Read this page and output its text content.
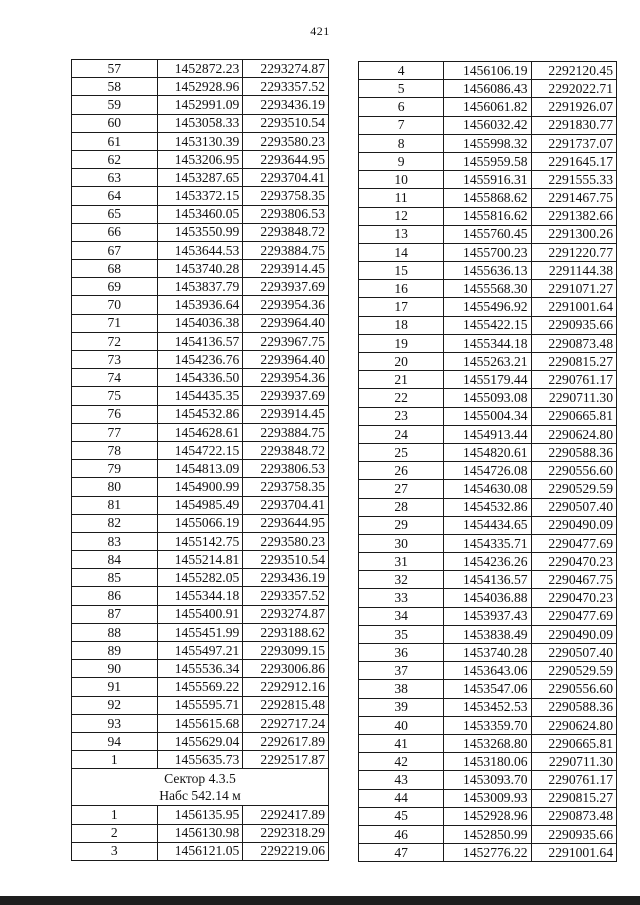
421
57	1452872.23	2293274.87
58	1452928.96	2293357.52
59	1452991.09	2293436.19
60	1453058.33	2293510.54
61	1453130.39	2293580.23
62	1453206.95	2293644.95
63	1453287.65	2293704.41
64	1453372.15	2293758.35
65	1453460.05	2293806.53
66	1453550.99	2293848.72
67	1453644.53	2293884.75
68	1453740.28	2293914.45
69	1453837.79	2293937.69
70	1453936.64	2293954.36
71	1454036.38	2293964.40
72	1454136.57	2293967.75
73	1454236.76	2293964.40
74	1454336.50	2293954.36
75	1454435.35	2293937.69
76	1454532.86	2293914.45
77	1454628.61	2293884.75
78	1454722.15	2293848.72
79	1454813.09	2293806.53
80	1454900.99	2293758.35
81	1454985.49	2293704.41
82	1455066.19	2293644.95
83	1455142.75	2293580.23
84	1455214.81	2293510.54
85	1455282.05	2293436.19
86	1455344.18	2293357.52
87	1455400.91	2293274.87
88	1455451.99	2293188.62
89	1455497.21	2293099.15
90	1455536.34	2293006.86
91	1455569.22	2292912.16
92	1455595.71	2292815.48
93	1455615.68	2292717.24
94	1455629.04	2292617.89
1	1455635.73	2292517.87

Сектор 4.3.5
Набс 542.14 м		

1	1456135.95	2292417.89
2	1456130.98	2292318.29
3	1456121.05	2292219.06
4	1456106.19	2292120.45
5	1456086.43	2292022.71
6	1456061.82	2291926.07
7	1456032.42	2291830.77
8	1455998.32	2291737.07
9	1455959.58	2291645.17
10	1455916.31	2291555.33
11	1455868.62	2291467.75
12	1455816.62	2291382.66
13	1455760.45	2291300.26
14	1455700.23	2291220.77
15	1455636.13	2291144.38
16	1455568.30	2291071.27
17	1455496.92	2291001.64
18	1455422.15	2290935.66
19	1455344.18	2290873.48
20	1455263.21	2290815.27
21	1455179.44	2290761.17
22	1455093.08	2290711.30
23	1455004.34	2290665.81
24	1454913.44	2290624.80
25	1454820.61	2290588.36
26	1454726.08	2290556.60
27	1454630.08	2290529.59
28	1454532.86	2290507.40
29	1454434.65	2290490.09
30	1454335.71	2290477.69
31	1454236.26	2290470.23
32	1454136.57	2290467.75
33	1454036.88	2290470.23
34	1453937.43	2290477.69
35	1453838.49	2290490.09
36	1453740.28	2290507.40
37	1453643.06	2290529.59
38	1453547.06	2290556.60
39	1453452.53	2290588.36
40	1453359.70	2290624.80
41	1453268.80	2290665.81
42	1453180.06	2290711.30
43	1453093.70	2290761.17
44	1453009.93	2290815.27
45	1452928.96	2290873.48
46	1452850.99	2290935.66
47	1452776.22	2291001.64
